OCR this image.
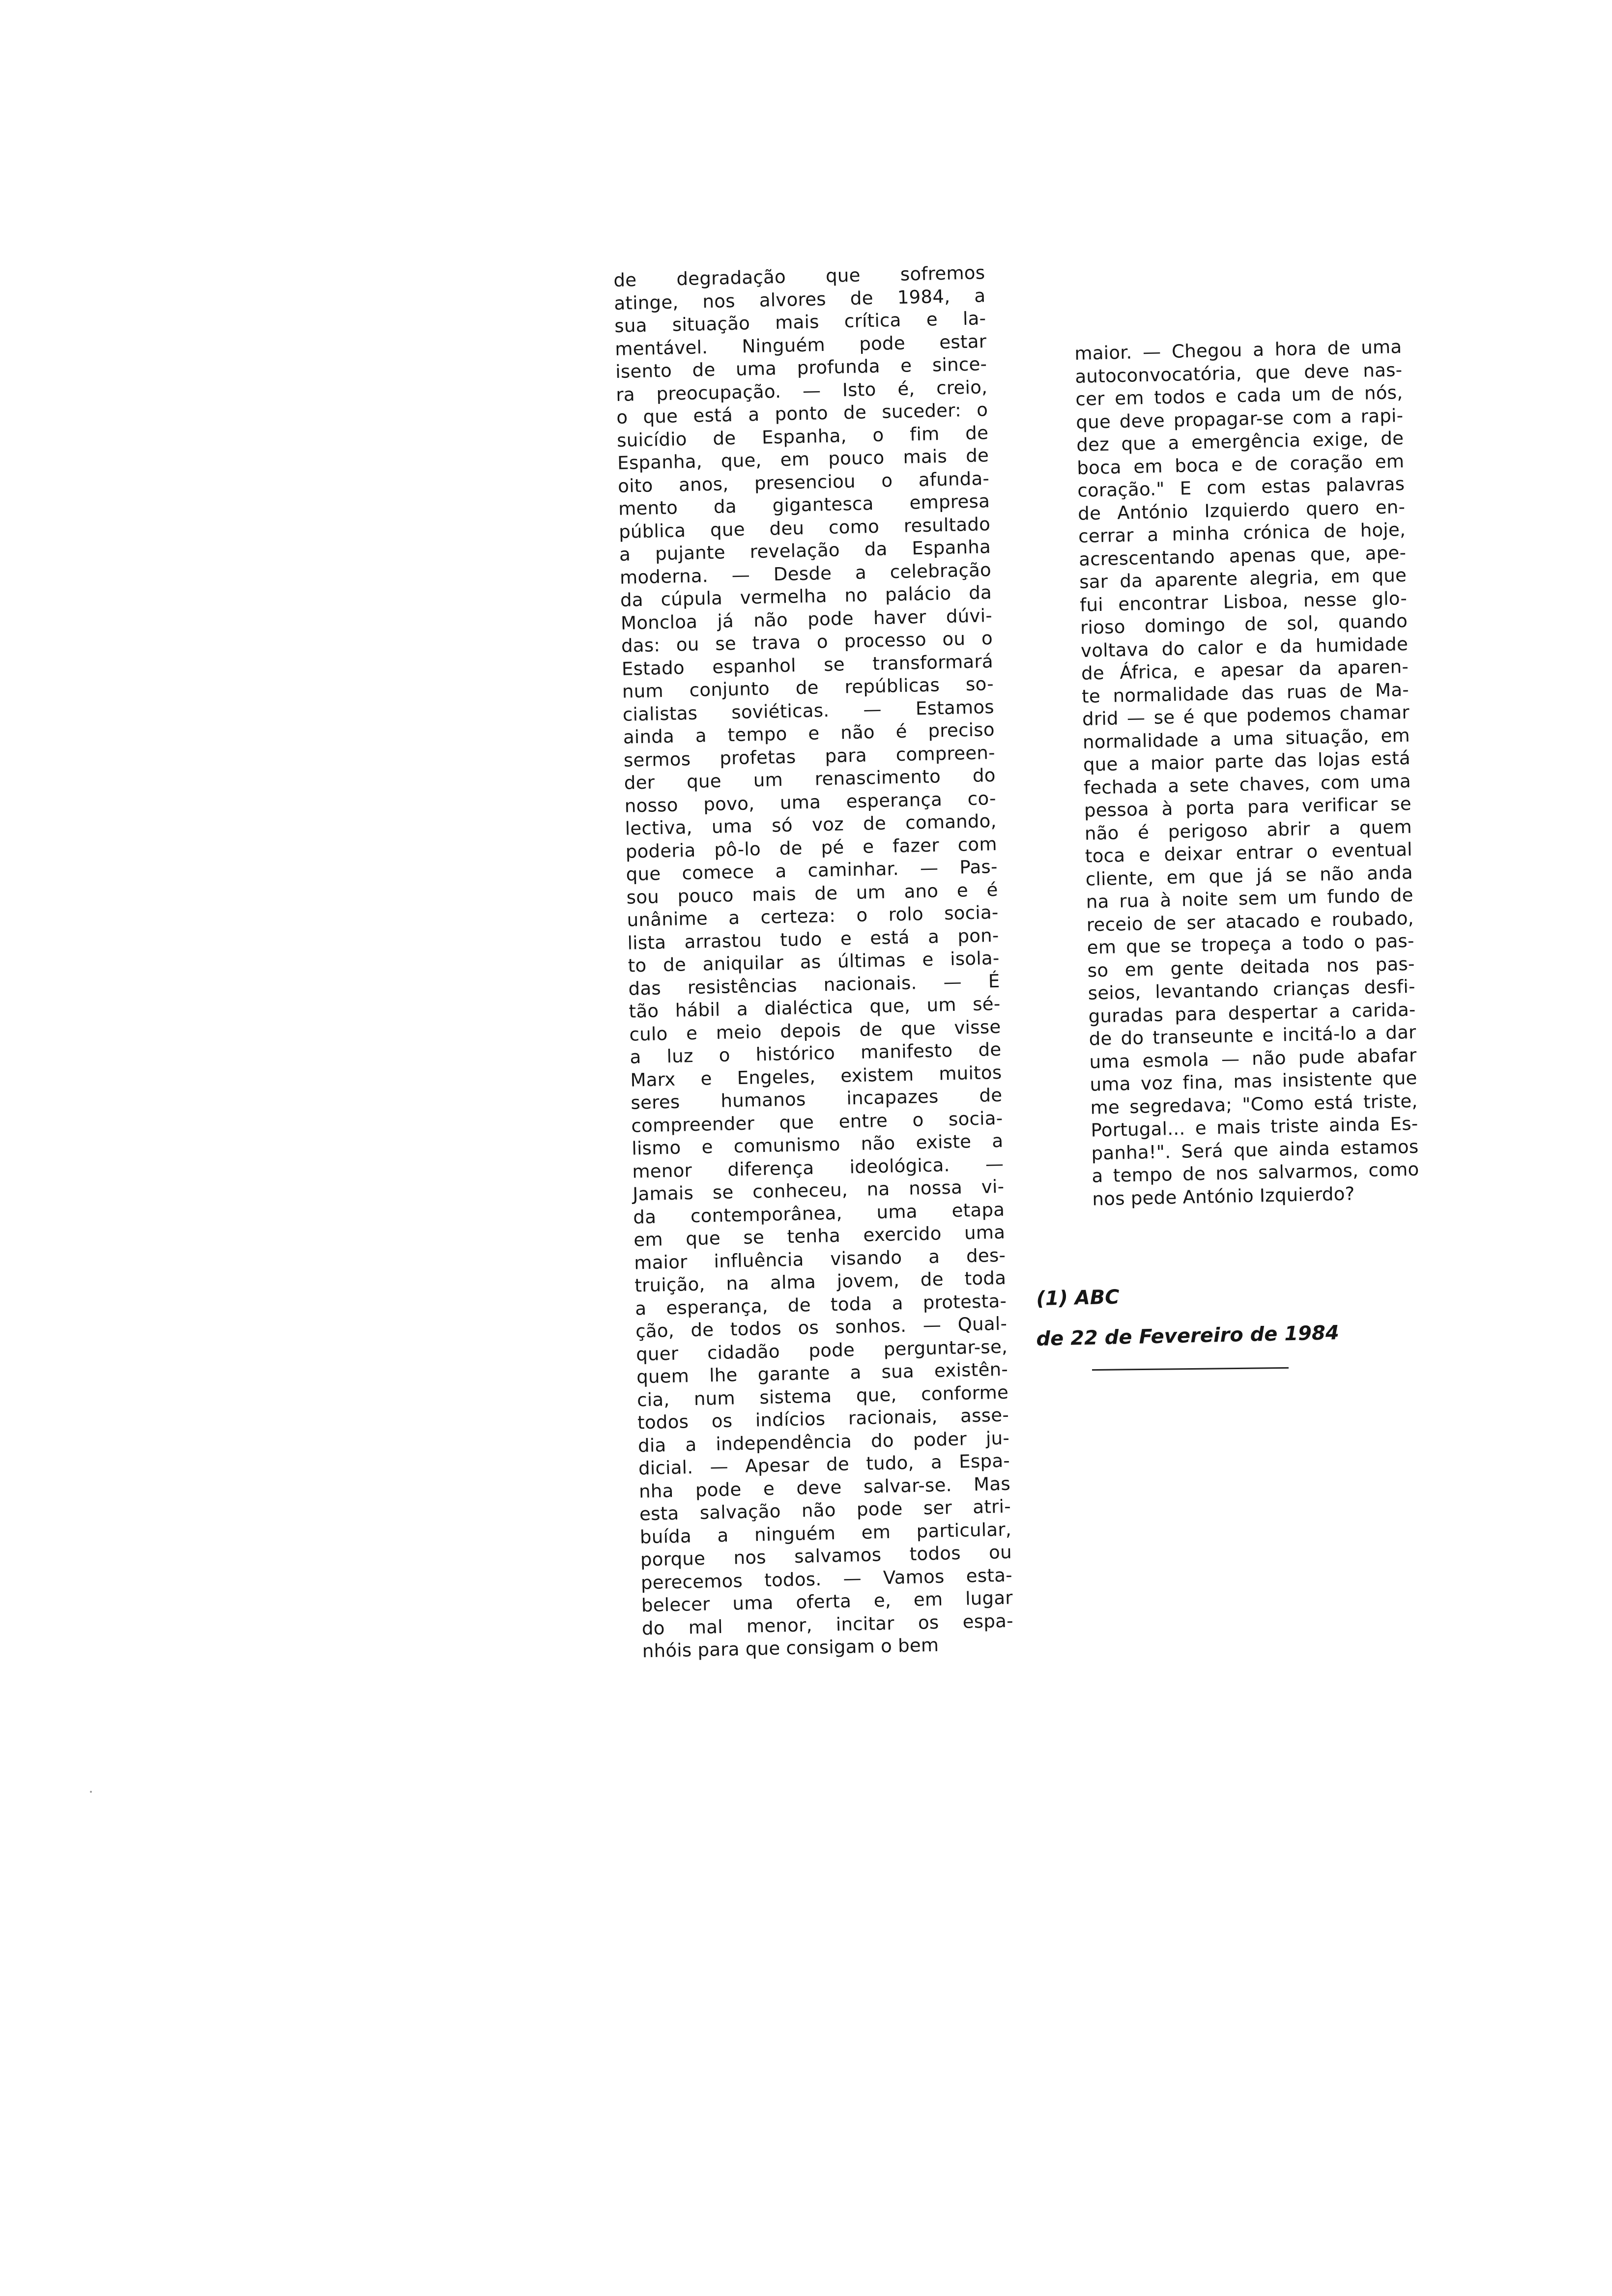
de degradação que sofremos
atinge, nos alvores de 1984, a
sua situação mais crítica e la-
mentável. Ninguém pode estar
isento de uma profunda e since-
ra preocupação. — Isto é, creio,
o que está a ponto de suceder: o
suicídio de Espanha, o fim de
Espanha, que, em pouco mais de
oito anos, presenciou o afunda-
mento da gigantesca empresa
pública que deu como resultado
a pujante revelação da Espanha
moderna. — Desde a celebração
da cúpula vermelha no palácio da
Moncloa já não pode haver dúvi-
das: ou se trava o processo ou o
Estado espanhol se transformará
num conjunto de repúblicas so-
cialistas soviéticas. — Estamos
ainda a tempo e não é preciso
sermos profetas para compreen-
der que um renascimento do
nosso povo, uma esperança co-
lectiva, uma só voz de comando,
poderia pô-lo de pé e fazer com
que comece a caminhar. — Pas-
sou pouco mais de um ano e é
unânime a certeza: o rolo socia-
lista arrastou tudo e está a pon-
to de aniquilar as últimas e isola-
das resistências nacionais. — É
tão hábil a dialéctica que, um sé-
culo e meio depois de que visse
a luz o histórico manifesto de
Marx e Engeles, existem muitos
seres humanos incapazes de
compreender que entre o socia-
lismo e comunismo não existe a
menor diferença ideológica. —
Jamais se conheceu, na nossa vi-
da contemporânea, uma etapa
em que se tenha exercido uma
maior influência visando a des-
truição, na alma jovem, de toda
a esperança, de toda a protesta-
ção, de todos os sonhos. — Qual-
quer cidadão pode perguntar-se,
quem lhe garante a sua existên-
cia, num sistema que, conforme
todos os indícios racionais, asse-
dia a independência do poder ju-
dicial. — Apesar de tudo, a Espa-
nha pode e deve salvar-se. Mas
esta salvação não pode ser atri-
buída a ninguém em particular,
porque nos salvamos todos ou
perecemos todos. — Vamos esta-
belecer uma oferta e, em lugar
do mal menor, incitar os espa-
nhóis para que consigam o bem
maior. — Chegou a hora de uma
autoconvocatória, que deve nas-
cer em todos e cada um de nós,
que deve propagar-se com a rapi-
dez que a emergência exige, de
boca em boca e de coração em
coração." E com estas palavras
de António Izquierdo quero en-
cerrar a minha crónica de hoje,
acrescentando apenas que, ape-
sar da aparente alegria, em que
fui encontrar Lisboa, nesse glo-
rioso domingo de sol, quando
voltava do calor e da humidade
de África, e apesar da aparen-
te normalidade das ruas de Ma-
drid — se é que podemos chamar
normalidade a uma situação, em
que a maior parte das lojas está
fechada a sete chaves, com uma
pessoa à porta para verificar se
não é perigoso abrir a quem
toca e deixar entrar o eventual
cliente, em que já se não anda
na rua à noite sem um fundo de
receio de ser atacado e roubado,
em que se tropeça a todo o pas-
so em gente deitada nos pas-
seios, levantando crianças desfi-
guradas para despertar a carida-
de do transeunte e incitá-lo a dar
uma esmola — não pude abafar
uma voz fina, mas insistente que
me segredava; "Como está triste,
Portugal... e mais triste ainda Es-
panha!". Será que ainda estamos
a tempo de nos salvarmos, como
nos pede António Izquierdo?
(1) ABC
de 22 de Fevereiro de 1984
